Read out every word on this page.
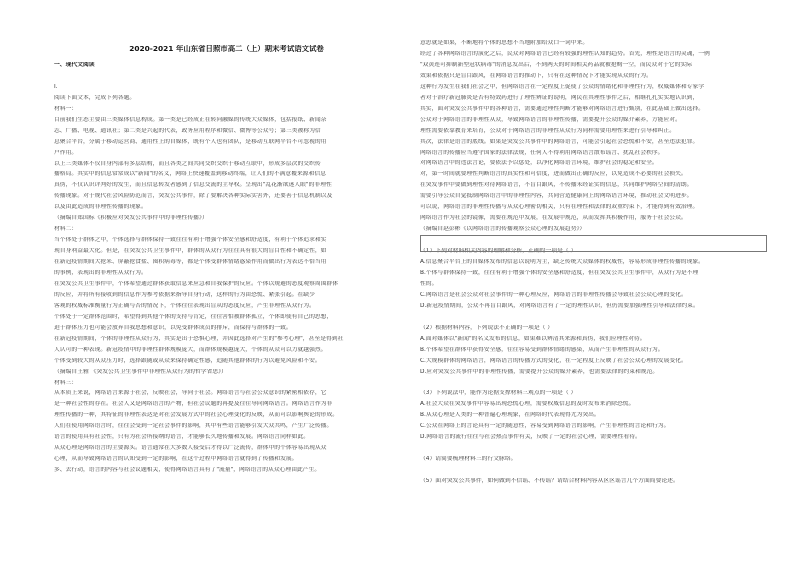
2020-2021 年山东省日照市高二（上）期末考试语文试卷
一、现代文阅读
I.
阅读下面文本，完成下列各题。
材料一：
目前我们生态主要由三类媒体信息构成。第一类是已经成正在转向融媒的传统大众媒体，包括报纸、新闻杂
志、广播、电视、通讯社；第二类是兴起的代表，政务应用程序和微信、微博等公众号；第三类被称为信
息聚合平台，分属于移动运营商、通用性上的自媒体，既有个人也有团队，是移动互联网平台不可忽视的用
户作用。
以上三类媒体不仅自身内部有多层结构，而且各类之间共同交织交织于移动互联中，形成多层次的交织传
播格局。其实中的信息常常成以"新闻"的名义，网络上快速覆盖到移动终端，让人们的不满意覆来源和信息
真伪，不仅认识评判好的发生，而且信息转发者感到了信息交流的主导权。呈现出"乱花渐欲迷人眼"的非理性
传播现象。对于规代社会风险防范而言，突发公共事件，除了要解决各种实际实害外，还要善于信息机制以及
以及由此造成的非理性传播的现象。
（摘编自郑国标《积极应对突发公共事件中的非理性传播》）
材料二：
当个体处于群体之中，个体选择与群体保持一致往往有利于增强个体安全感和舒适度，有利于个体追求和实
现自身利益最大化。但是，在突发公共卫生事件中，群体的从众行为往往具有很大的盲目性和不确定性，如
在新冠疫情期间大抢米、屏蔽抢食盐、囤积病毒等，都是个体受群体情绪惑染作用而做出行为表达不恰当用
的事例，表现出的非理性从众行为。
在突发公共卫生事件中，个体希望通过群体获取信息来应急和自我保护的反应。个体以规避的态度观察周围群体
的反应，并将所有接收到的信息作为参考依据来指导自身行动，这样的行为由恐慌、紧张引起。在缺少
客观的权威标准衡量行为正确与否的情况下，个体往往表现出盲从的态度反应，产生非理性从众行为。
个体处于一定群体范围时，希望得到其他个体的支持与肯定，往往害怕被群体孤立，个体即使有自己的思想，
迫于群体压力也可能会放弃自我思想和意识，以免受群体成员的排斥，而保持与群体的一致。
在新冠疫情期间，个体的非理性从众行为，其实是出于恐惧心理，并因此选择对产生的"参考心理"，甚至是得到社
人认可的一种表现。新冠疫情中的非理性群体规模庞大，而群体规模越庞大，个体的从众可以力就越强烈。
个体受到较大的从众压力时，选择跟随或从众来保持确定性感，追随其他群体的行为以避免风险和不安。
（摘编自王雅 《突发公共卫生事件中非理性从众行为的哲学省思》）
材料三：
从本质上来说，网络语言来源于社会，反映社会，导向于社会。网络语言与社会公众意识的紧密相依存，它
是一种社会性的存在。社会人又是网络语言的产物，但社会议题的再提及往往导向网络语言。网络语言作为非
理性传播的一种，其特征的非理性表达是对社会发展方式中的社会心理变化的反映，从而可以影响舆论的形成。
人们在使用网络语言时，往往会受到一定社会事件的影响，其中有些语言能够引发大众共鸣，产生广泛传播。
语言的使用具有社会性，只有为社会所接纳的语言，才能够长久地传播和发展。网络语言同样如此。
从众心理是网络语言的主要源头。语言通常在大多数人接受后才得以广泛流传，群体中的个体容易出现从众
心理，从而导致网络语言的认知受到一定的影响，在这个过程中网络语言就得到了传播和发展。
多、去行动，语言的内容与社会议题相关，使得网络语言具有了"流量"，网络语言的从众心理由此产生。
意思就是如果，不断地将个体的思想不当地附加给众口一词中来。
经过了各种网络语言的演化之后，民众对网络语言已经有较强的理性认知的趋势。首先，理性是语言的灵魂，一例
"双黄连可抑制新型冠状病毒"的消息发出后，不到两天的时间相关药品就被抢购一空，而民众对于它的实际
效果和依据只是盲目跟风，在网络语言的推动下，只有在这种情况下才能实现从众的行为。
这种行为发生在我们社会之中，但网络语言在一定程度上促使了公众的情绪化和非理性行为，权威媒体和专家学
者对于治疗新冠肺炎是否有特效药进行了理性辨证的说明，网民在其理性事件之后，相继扎扎实实地认识到，
其实，面对突发公共事件中的各种语言，需要通过理性判断才能够对网络语言进行甄别，在此基础上做出选择。
公众对于网络语言的非理性从众，导致网络语言的非理性传播，需要提升公众的媒介素养，方能应对。
理性需要依靠教育来培育，公众对于网络语言的非理性从众行为同样需要用理性来进行引导和纠正。
其次，法律是语言的底线。如果是突发公共事件中的网络语言，可能会引起社会恐慌和不安，甚至违法犯罪。
网络语言的传播应当遵守国家的法律法规，任何人不得利用网络语言散布谣言、扰乱社会秩序。
对网络语言中的违法言论，要依法予以惩处，以净化网络语言环境，维护社会的稳定和安全。
对，第一时间就要理性判断语言的真实性和可信度，进而做出正确的反应，以免造成不必要的社会损失。
在突发事件中要做到理性对待网络语言，不盲目跟风，不传播未经证实的信息，共同维护网络空间的清朗。
需要引导公众自觉抵制网络语言中的非理性内容，共同营造健康向上的网络语言环境，推动社会文明进步。
可以说，网络语言的非理性传播与从众心理密切相关，只有在理性和法律的双重约束下，才能得到有效治理。
网络语言作为社会的镜像，需要在规范中发展，在发展中规范，从而发挥其积极作用，服务于社会公众。
（摘编自赵彭彬《以网络语言的传播观察公众心理的发展趋势》）
（1）下列对材料相关内容的理解和分析，正确的一项是（ ）
A.信息聚合平台上的自媒体发布的信息以说明为主，缺乏传统大众媒体的权威性，容易形成非理性传播的现象。
B.个体与群体保持一致，往往有利于增强个体的安全感和舒适度，但在突发公共卫生事件中，从众行为是不理
性的。
C.网络语言是社会公众对社会事件的一种心理反应，网络语言的非理性传播会导致社会公众心理的变化。
D.新冠疫情期间，公众不再盲目跟风，对网络语言有了一定的理性认识，但仍需要加强理性引导和法律约束。
（2）根据材料内容，下列说法不正确的一项是（ ）
A.面对媒体以"新闻"的名义发布的信息，如果难以辨清其来源和真伪，我们应理性对待。
B.个体希望在群体中获得安全感，往往容易受到群体情绪的感染，从而产生非理性的从众行为。
C.大规模群体的网络语言，网络语言的传播方式的变化，在一定程度上反映了社会公众心理的发展变化。
D.应对突发公共事件中的非理性传播，需要提升公众的媒介素养，也需要法律的约束和规范。
（3）下列说法中，能作为论据支撑材料三观点的一项是（ ）
A.社会大众在突发事件中容易出现恐慌心理，需要权威信息的及时发布来消除恐慌。
B.从众心理是人类的一种普遍心理现象，在网络时代表现得尤为突出。
C.公众在网络上的言论具有一定的随意性，容易受到网络语言的影响，产生非理性的言论和行为。
D.网络语言的流行往往与社会热点事件有关，反映了一定的社会心理，需要理性看待。
（4）请简要梳理材料三的行文脉络。
（5）面对突发公共事件，如何做到不信谣、不传谣？请结合材料内容从区区谣言几个方面简要论述。
